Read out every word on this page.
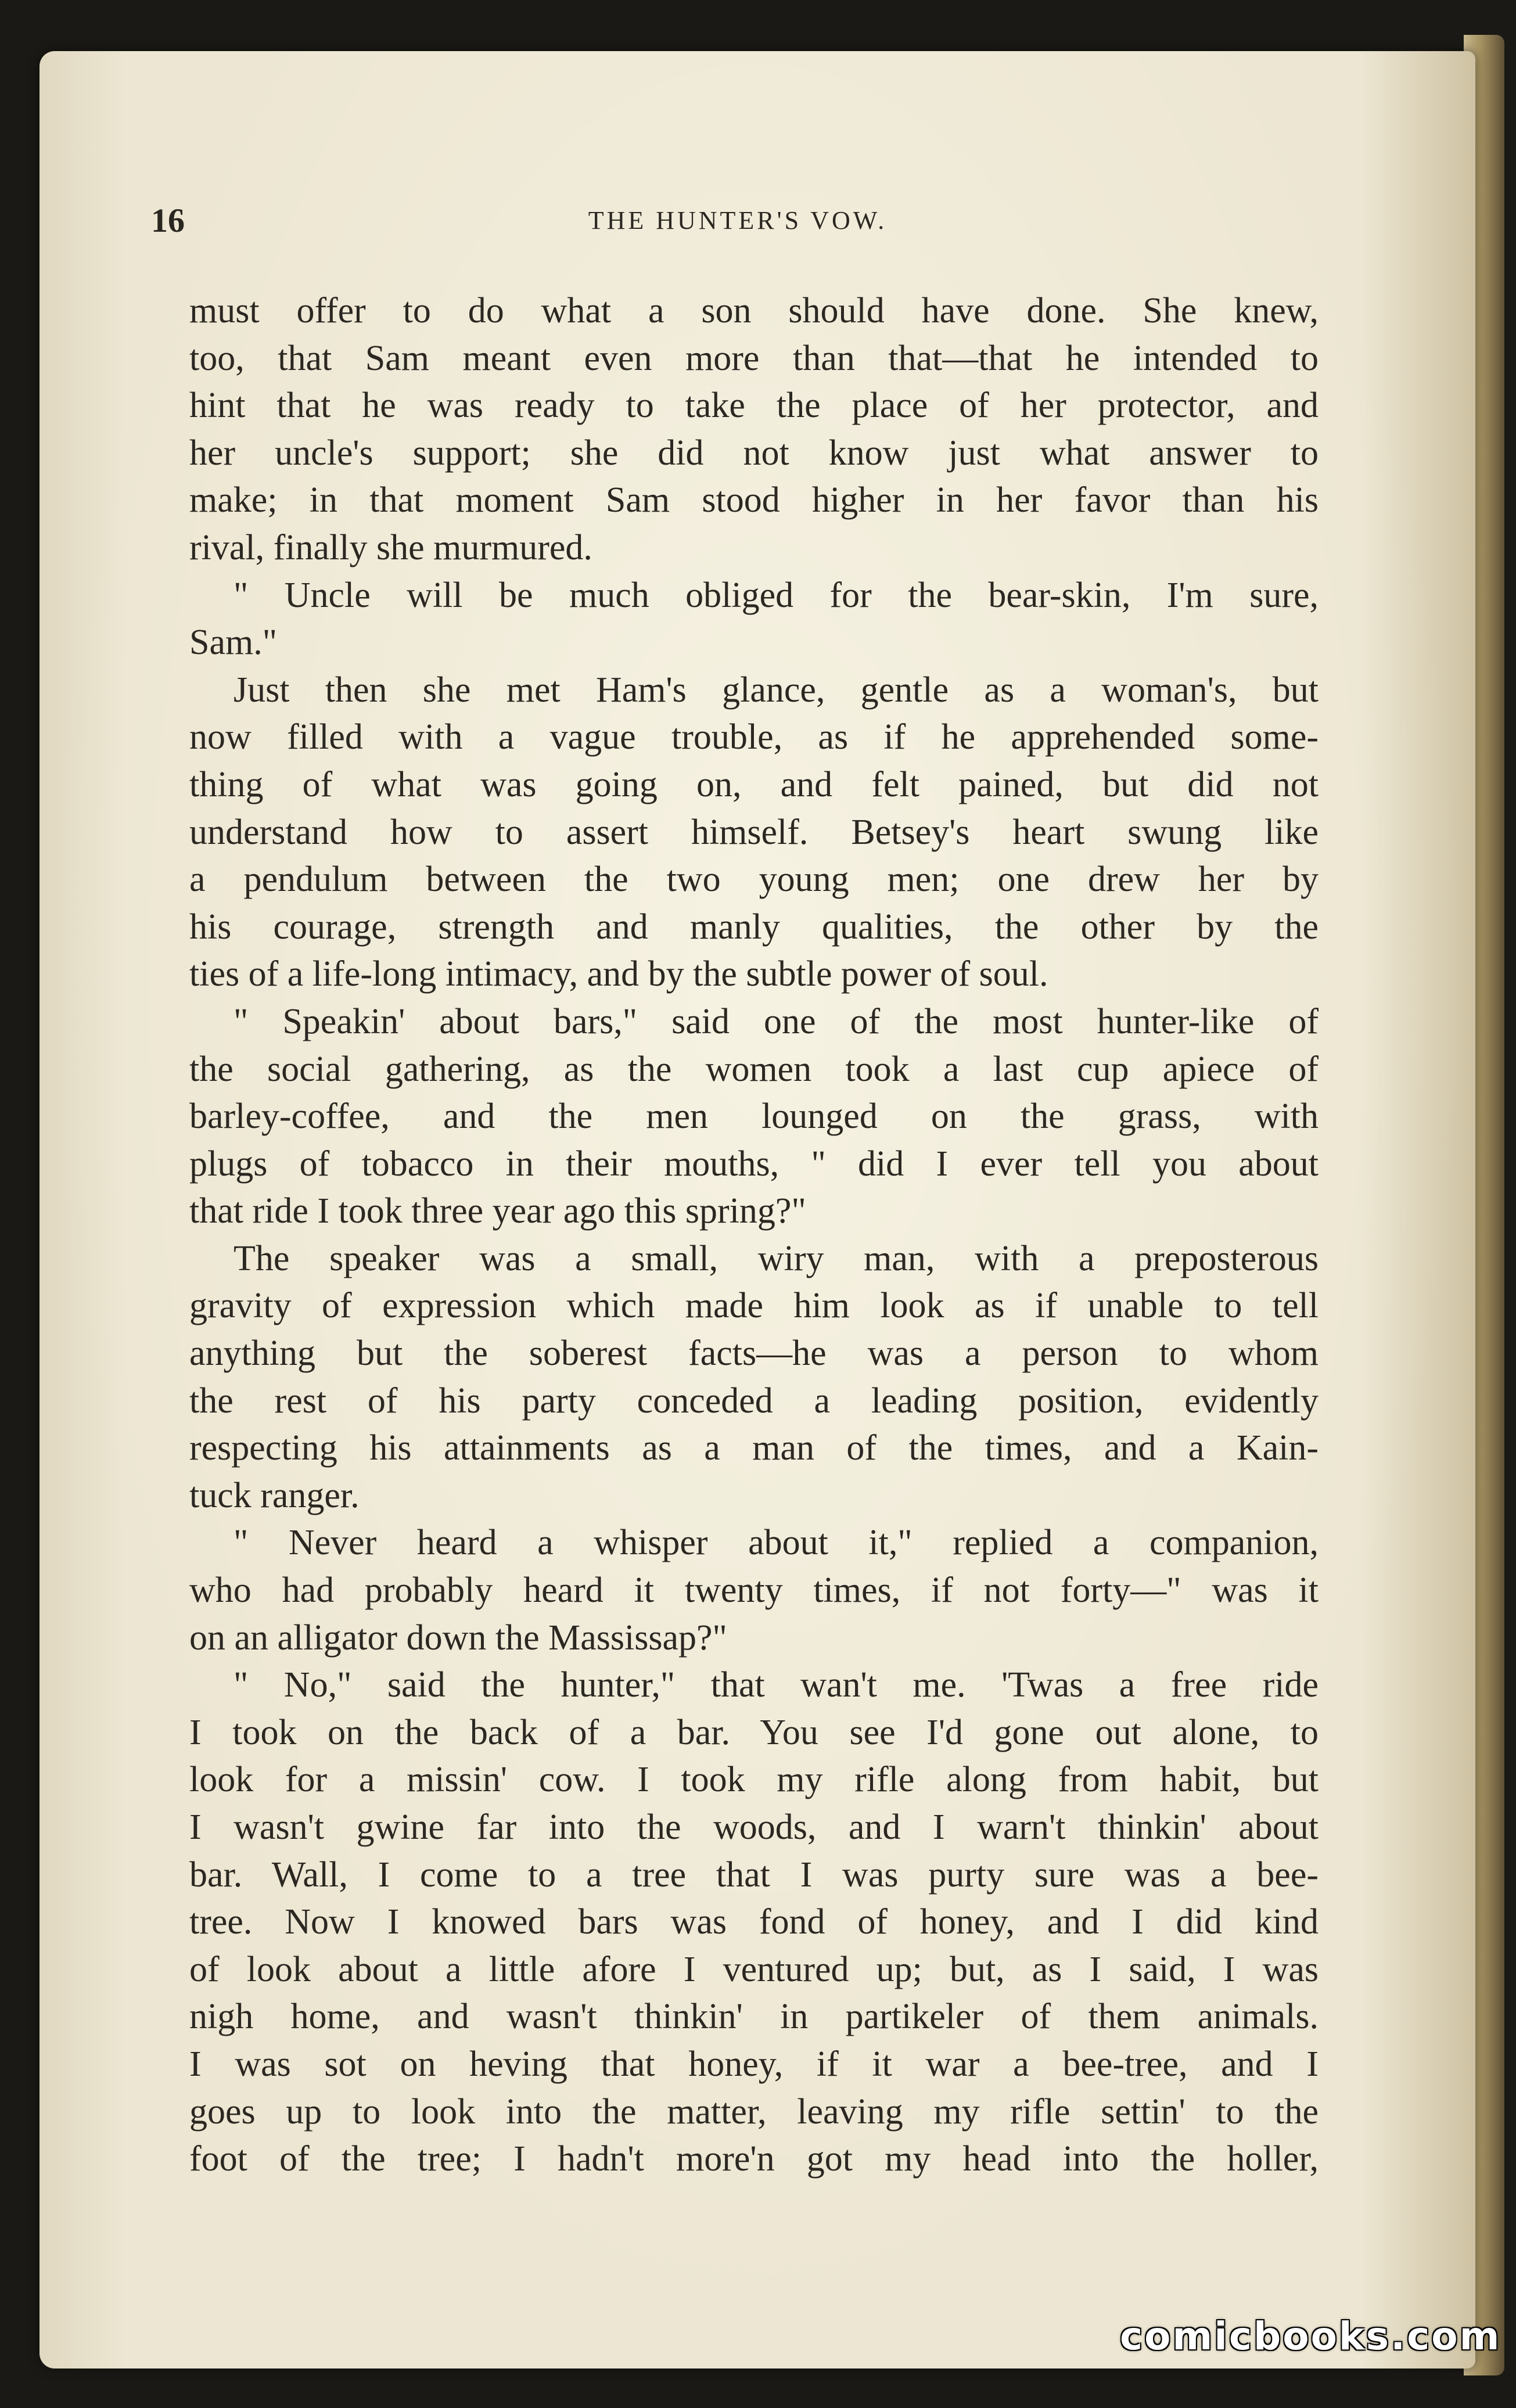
16	THE HUNTER'S VOW.
must offer to do what a son should have done. She knew,
too, that Sam meant even more than that—that he intended to
hint that he was ready to take the place of her protector, and
her uncle's support; she did not know just what answer to
make; in that moment Sam stood higher in her favor than his
rival, finally she murmured.
" Uncle will be much obliged for the bear-skin, I'm sure,
Sam."
Just then she met Ham's glance, gentle as a woman's, but
now filled with a vague trouble, as if he apprehended some-
thing of what was going on, and felt pained, but did not
understand how to assert himself. Betsey's heart swung like
a pendulum between the two young men; one drew her by
his courage, strength and manly qualities, the other by the
ties of a life-long intimacy, and by the subtle power of soul.
" Speakin' about bars," said one of the most hunter-like of
the social gathering, as the women took a last cup apiece of
barley-coffee, and the men lounged on the grass, with
plugs of tobacco in their mouths, " did I ever tell you about
that ride I took three year ago this spring?"
The speaker was a small, wiry man, with a preposterous
gravity of expression which made him look as if unable to tell
anything but the soberest facts—he was a person to whom
the rest of his party conceded a leading position, evidently
respecting his attainments as a man of the times, and a Kain-
tuck ranger.
" Never heard a whisper about it," replied a companion,
who had probably heard it twenty times, if not forty—" was it
on an alligator down the Massissap?"
" No," said the hunter," that wan't me. 'Twas a free ride
I took on the back of a bar. You see I'd gone out alone, to
look for a missin' cow. I took my rifle along from habit, but
I wasn't gwine far into the woods, and I warn't thinkin' about
bar. Wall, I come to a tree that I was purty sure was a bee-
tree. Now I knowed bars was fond of honey, and I did kind
of look about a little afore I ventured up; but, as I said, I was
nigh home, and wasn't thinkin' in partikeler of them animals.
I was sot on heving that honey, if it war a bee-tree, and I
goes up to look into the matter, leaving my rifle settin' to the
foot of the tree; I hadn't more'n got my head into the holler,
comicbooks.com
